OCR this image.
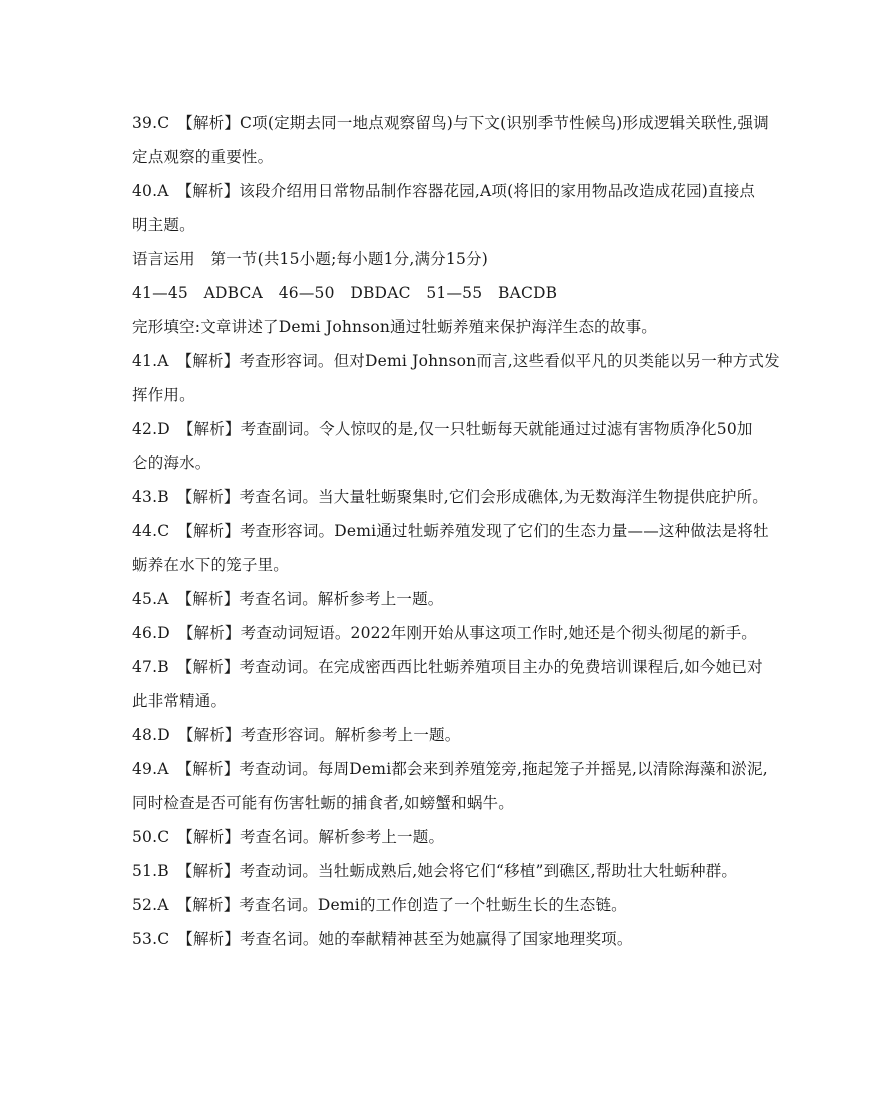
39.C　【解析】C项(定期去同一地点观察留鸟)与下文(识别季节性候鸟)形成逻辑关联性,强调
定点观察的重要性。
40.A　【解析】该段介绍用日常物品制作容器花园,A项(将旧的家用物品改造成花园)直接点
明主题。
语言运用　第一节(共15小题;每小题1分,满分15分)
41—45　ADBCA　46—50　DBDAC　51—55　BACDB
完形填空:文章讲述了Demi Johnson通过牡蛎养殖来保护海洋生态的故事。
41.A　【解析】考查形容词。但对Demi Johnson而言,这些看似平凡的贝类能以另一种方式发
挥作用。
42.D　【解析】考查副词。令人惊叹的是,仅一只牡蛎每天就能通过过滤有害物质净化50加
仑的海水。
43.B　【解析】考查名词。当大量牡蛎聚集时,它们会形成礁体,为无数海洋生物提供庇护所。
44.C　【解析】考查形容词。Demi通过牡蛎养殖发现了它们的生态力量——这种做法是将牡
蛎养在水下的笼子里。
45.A　【解析】考查名词。解析参考上一题。
46.D　【解析】考查动词短语。2022年刚开始从事这项工作时,她还是个彻头彻尾的新手。
47.B　【解析】考查动词。在完成密西西比牡蛎养殖项目主办的免费培训课程后,如今她已对
此非常精通。
48.D　【解析】考查形容词。解析参考上一题。
49.A　【解析】考查动词。每周Demi都会来到养殖笼旁,拖起笼子并摇晃,以清除海藻和淤泥,
同时检查是否可能有伤害牡蛎的捕食者,如螃蟹和蜗牛。
50.C　【解析】考查名词。解析参考上一题。
51.B　【解析】考查动词。当牡蛎成熟后,她会将它们“移植”到礁区,帮助壮大牡蛎种群。
52.A　【解析】考查名词。Demi的工作创造了一个牡蛎生长的生态链。
53.C　【解析】考查名词。她的奉献精神甚至为她赢得了国家地理奖项。
